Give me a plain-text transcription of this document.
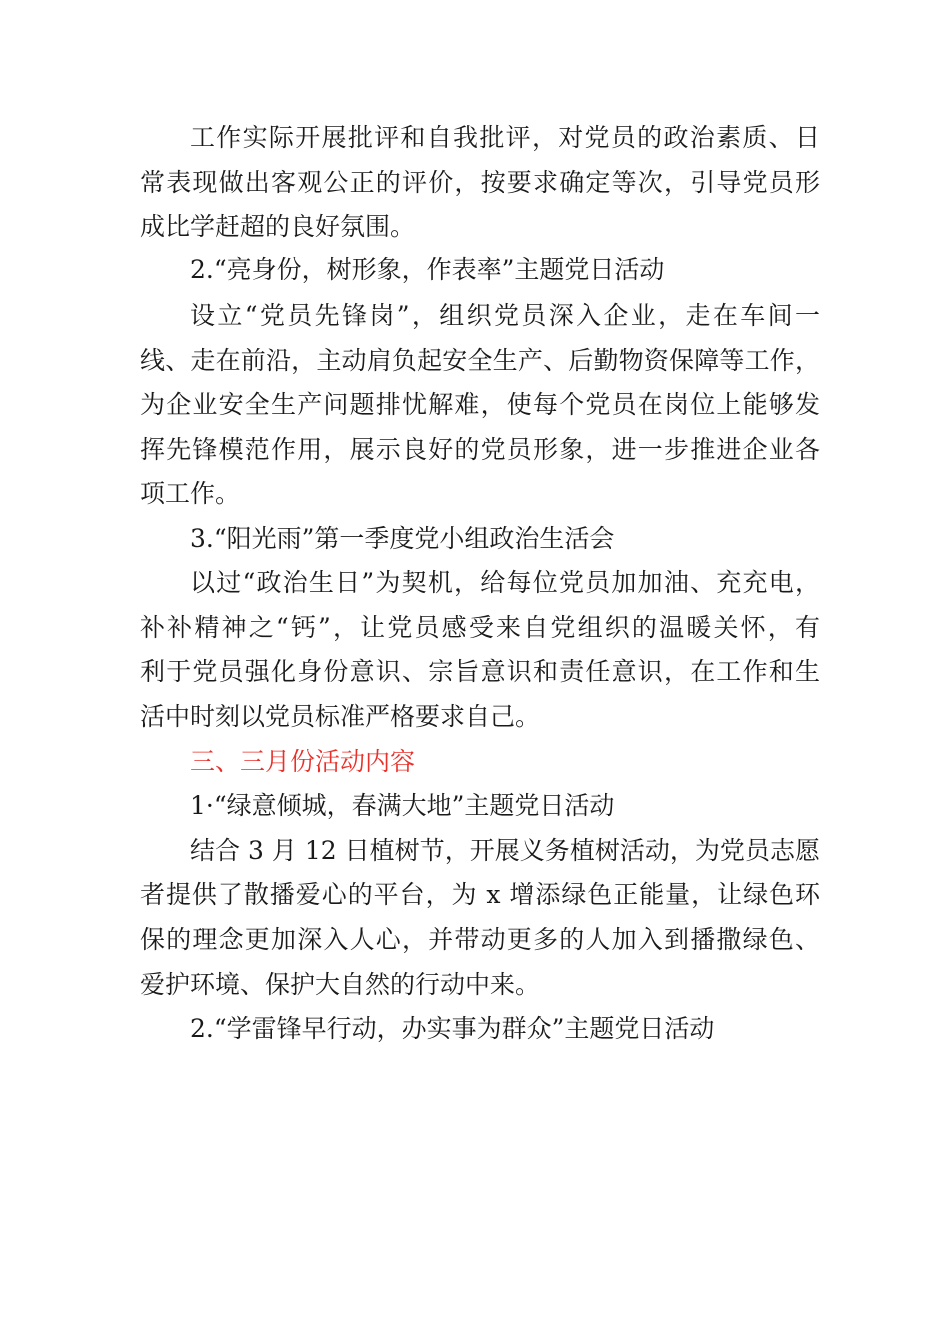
工作实际开展批评和自我批评，对党员的政治素质、日
常表现做出客观公正的评价，按要求确定等次，引导党员形
成比学赶超的良好氛围。
2.“亮身份，树形象，作表率”主题党日活动
设立“党员先锋岗”，组织党员深入企业，走在车间一
线、走在前沿，主动肩负起安全生产、后勤物资保障等工作，
为企业安全生产问题排忧解难，使每个党员在岗位上能够发
挥先锋模范作用，展示良好的党员形象，进一步推进企业各
项工作。
3.“阳光雨”第一季度党小组政治生活会
以过“政治生日”为契机，给每位党员加加油、充充电，
补补精神之“钙”，让党员感受来自党组织的温暖关怀，有
利于党员强化身份意识、宗旨意识和责任意识，在工作和生
活中时刻以党员标准严格要求自己。
三、三月份活动内容
1·“绿意倾城，春满大地”主题党日活动
结合 3 月 12 日植树节，开展义务植树活动，为党员志愿
者提供了散播爱心的平台，为 x 增添绿色正能量，让绿色环
保的理念更加深入人心，并带动更多的人加入到播撒绿色、
爱护环境、保护大自然的行动中来。
2.“学雷锋早行动，办实事为群众”主题党日活动
